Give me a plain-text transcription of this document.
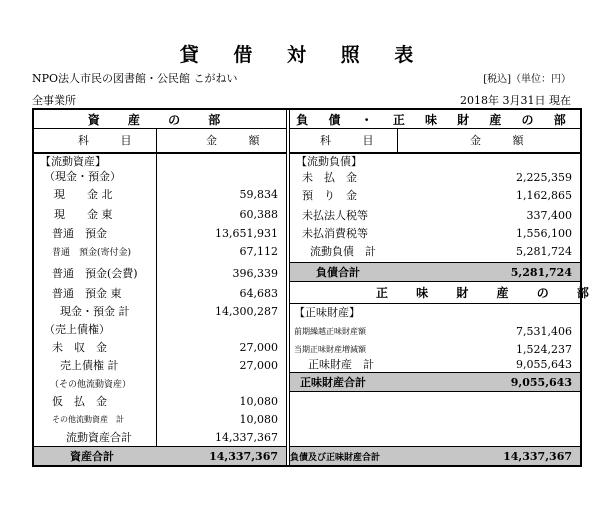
貸 借 対 照 表
NPO法人市民の図書館・公民館 こがねい	[税込]（単位：円）
全事業所	2018年 3月31日 現在
資 産 の 部
科 目	金 額
【流動資産】
（現金・預金）
現　　金 北	59,834
現　　金 東	60,388
普通　預金	13,651,931
普通　預金(寄付金)	67,112
普通　預金(会費)	396,339
普通　預金 東	64,683
現金・預金 計	14,300,287
（売上債権）
未　収　金	27,000
売上債権 計	27,000
（その他流動資産）
仮　払　金	10,080
その他流動資産　計	10,080
流動資産合計	14,337,367
資産合計	14,337,367
負 債 ・ 正 味 財 産 の 部
科 目	金 額
【流動負債】
未　払　金	2,225,359
預　り　金	1,162,865
未払法人税等	337,400
未払消費税等	1,556,100
流動負債　計	5,281,724
負債合計	5,281,724
正 味 財 産 の 部
【正味財産】
前期繰越正味財産額	7,531,406
当期正味財産増減額	1,524,237
正味財産　計	9,055,643
正味財産合計	9,055,643
負債及び正味財産合計	14,337,367
